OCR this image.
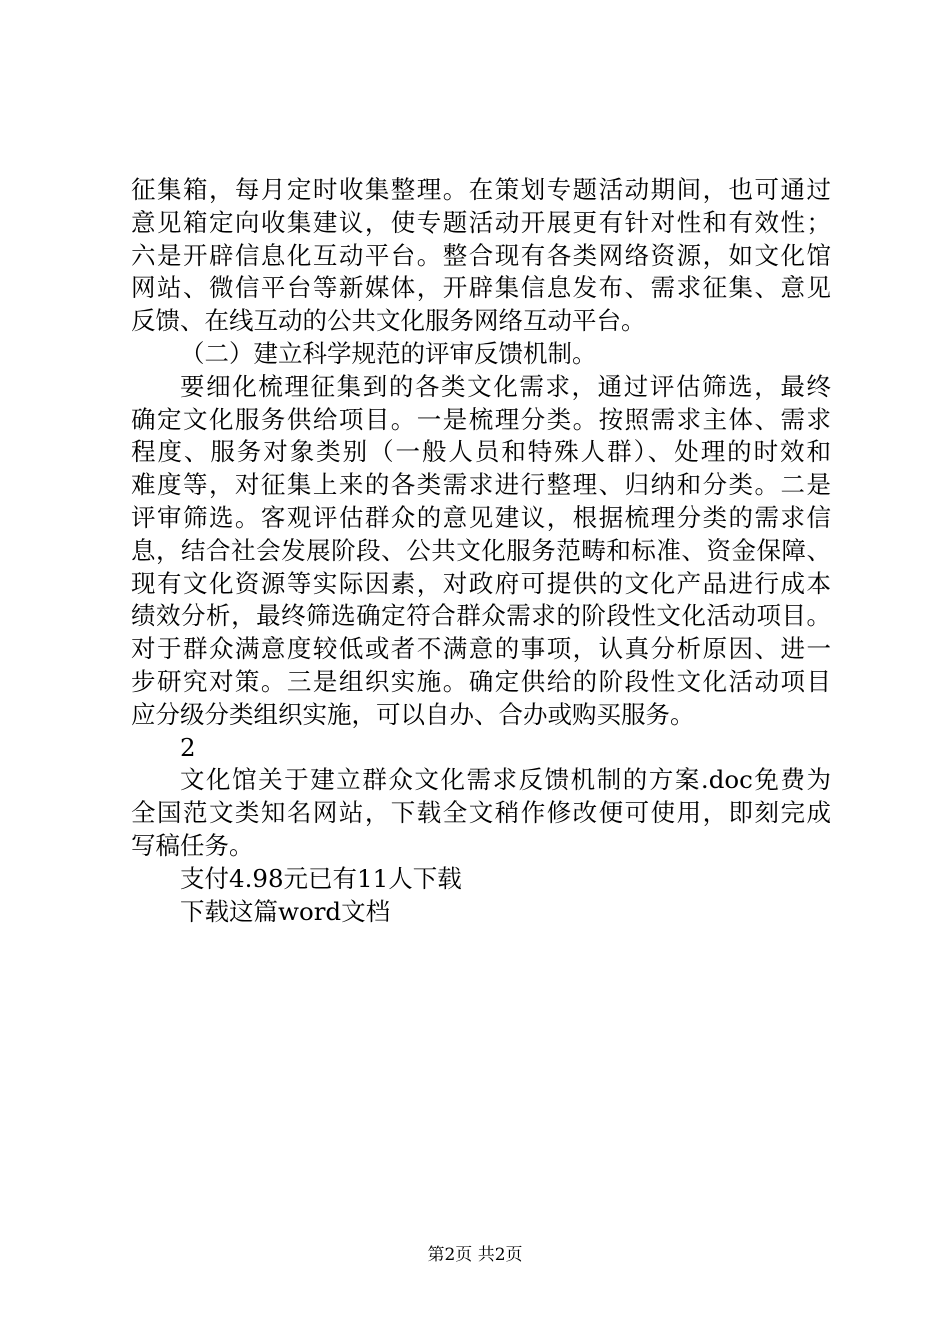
征集箱，每月定时收集整理。在策划专题活动期间，也可通过
意见箱定向收集建议，使专题活动开展更有针对性和有效性；
六是开辟信息化互动平台。整合现有各类网络资源，如文化馆
网站、微信平台等新媒体，开辟集信息发布、需求征集、意见
反馈、在线互动的公共文化服务网络互动平台。
（二）建立科学规范的评审反馈机制。
要细化梳理征集到的各类文化需求，通过评估筛选，最终
确定文化服务供给项目。一是梳理分类。按照需求主体、需求
程度、服务对象类别（一般人员和特殊人群）、处理的时效和
难度等，对征集上来的各类需求进行整理、归纳和分类。二是
评审筛选。客观评估群众的意见建议，根据梳理分类的需求信
息，结合社会发展阶段、公共文化服务范畴和标准、资金保障、
现有文化资源等实际因素，对政府可提供的文化产品进行成本
绩效分析，最终筛选确定符合群众需求的阶段性文化活动项目。
对于群众满意度较低或者不满意的事项，认真分析原因、进一
步研究对策。三是组织实施。确定供给的阶段性文化活动项目
应分级分类组织实施，可以自办、合办或购买服务。
2
文化馆关于建立群众文化需求反馈机制的方案.doc免费为
全国范文类知名网站，下载全文稍作修改便可使用，即刻完成
写稿任务。
支付4.98元已有11人下载
下载这篇word文档
第2页 共2页
